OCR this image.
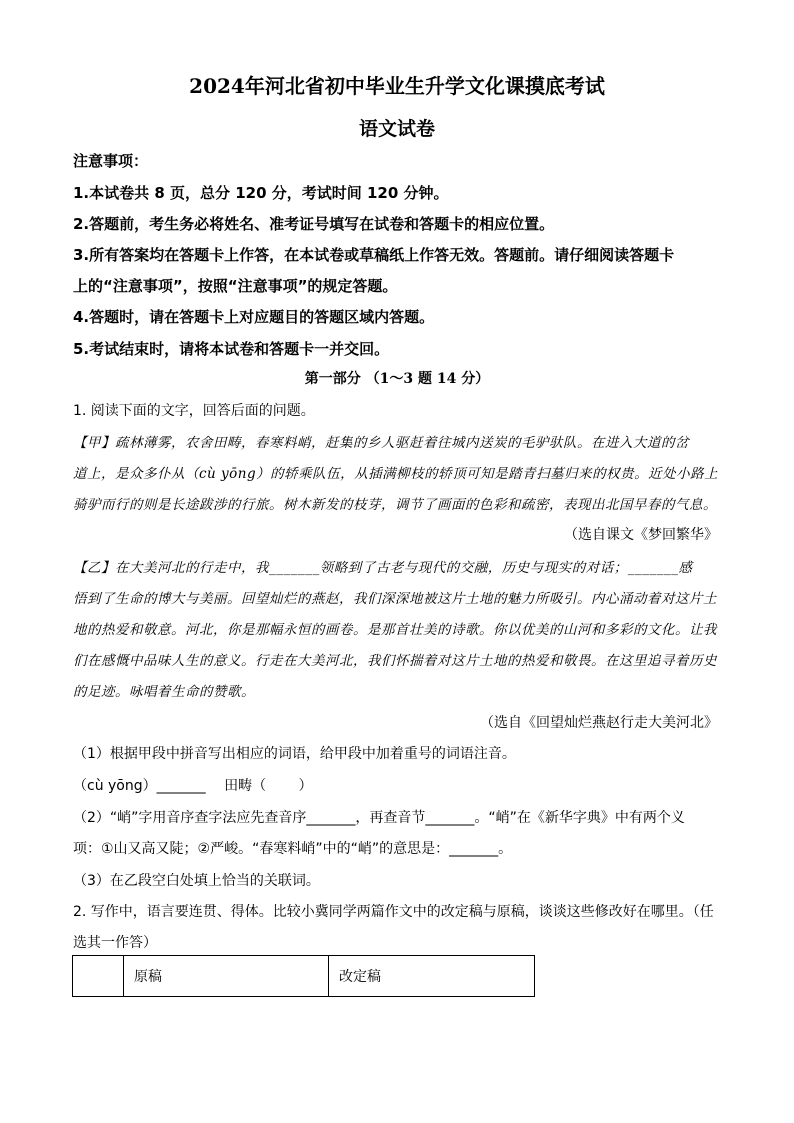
2024年河北省初中毕业生升学文化课摸底考试
语文试卷
注意事项：
1.本试卷共 8 页，总分 120 分，考试时间 120 分钟。
2.答题前，考生务必将姓名、准考证号填写在试卷和答题卡的相应位置。
3.所有答案均在答题卡上作答，在本试卷或草稿纸上作答无效。答题前。请仔细阅读答题卡
上的“注意事项”，按照“注意事项”的规定答题。
4.答题时，请在答题卡上对应题目的答题区域内答题。
5.考试结束时，请将本试卷和答题卡一并交回。
第一部分 （1～3 题 14 分）
1. 阅读下面的文字，回答后面的问题。
【甲】疏林薄雾，农舍田畴，春寒料峭，赶集的乡人驱赶着往城内送炭的毛驴驮队。在进入大道的岔
道上，是众多仆从（cù yōng）的轿乘队伍，从插满柳枝的轿顶可知是踏青扫墓归来的权贵。近处小路上
骑驴而行的则是长途跋涉的行旅。树木新发的枝芽，调节了画面的色彩和疏密，表现出北国早春的气息。
（选自课文《梦回繁华》
【乙】在大美河北的行走中，我_______领略到了古老与现代的交融，历史与现实的对话；_______感
悟到了生命的博大与美丽。回望灿烂的燕赵，我们深深地被这片土地的魅力所吸引。内心涌动着对这片土
地的热爱和敬意。河北，你是那幅永恒的画卷。是那首壮美的诗歌。你以优美的山河和多彩的文化。让我
们在感慨中品味人生的意义。行走在大美河北，我们怀揣着对这片土地的热爱和敬畏。在这里追寻着历史
的足迹。咏唱着生命的赞歌。
（选自《回望灿烂燕赵行走大美河北》
（1）根据甲段中拼音写出相应的词语，给甲段中加着重号的词语注音。
（cù yōng）_______ 　田畴（　　 ）
（2）“峭”字用音序查字法应先查音序_______，再查音节_______。“峭”在《新华字典》中有两个义
项：①山又高又陡；②严峻。“春寒料峭”中的“峭”的意思是：_______。
（3）在乙段空白处填上恰当的关联词。
2. 写作中，语言要连贯、得体。比较小冀同学两篇作文中的改定稿与原稿，谈谈这些修改好在哪里。（任
选其一作答）
	原稿	改定稿
